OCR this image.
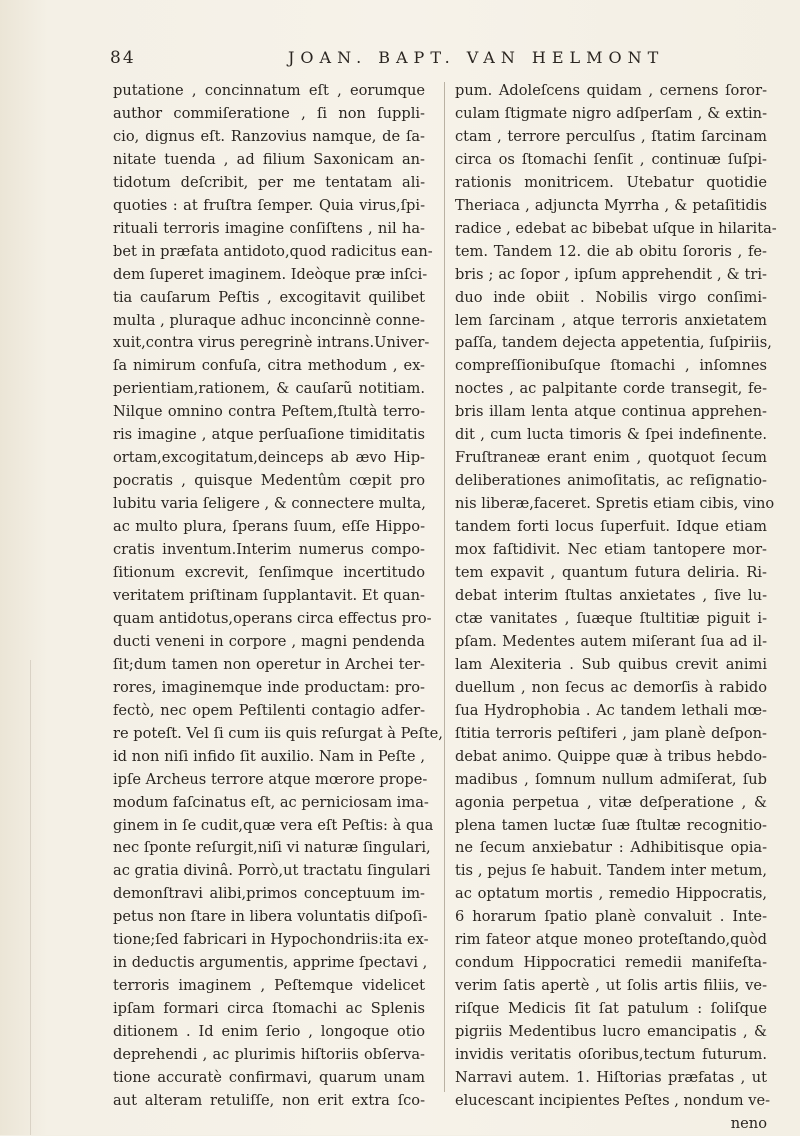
84	JOAN. BAPT. VAN HELMONT
putatione , concinnatum eſt , eorumque
author commiſeratione , ſi non ſuppli-
cio, dignus eſt. Ranzovius namque, de ſa-
nitate tuenda , ad filium Saxonicam an-
tidotum deſcribit, per me tentatam ali-
quoties : at fruſtra ſemper. Quia virus,ſpi-
rituali terroris imagine conſiſtens , nil ha-
bet in præfata antidoto,quod radicitus ean-
dem ſuperet imaginem. Ideòque præ inſci-
tia cauſarum Peſtis , excogitavit quilibet
multa , pluraque adhuc inconcinnè conne-
xuit,contra virus peregrinè intrans.Univer-
ſa nimirum confuſa, citra methodum , ex-
perientiam,rationem, & cauſarũ notitiam.
Nilque omnino contra Peſtem,ſtultà terro-
ris imagine , atque perſuaſione timiditatis
ortam,excogitatum,deinceps ab ævo Hip-
pocratis , quisque Medentûm cœpit pro
lubitu varia ſeligere , & connectere multa,
ac multo plura, ſperans ſuum, eſſe Hippo-
cratis inventum.Interim numerus compo-
ſitionum excrevit, ſenſimque incertitudo
veritatem priſtinam ſupplantavit. Et quan-
quam antidotus,operans circa effectus pro-
ducti veneni in corpore , magni pendenda
ſit;dum tamen non operetur in Archei ter-
rores, imaginemque inde productam: pro-
fectò, nec opem Peſtilenti contagio adfer-
re poteſt. Vel ſi cum iis quis reſurgat à Peſte,
id non niſi infido ſit auxilio. Nam in Peſte ,
ipſe Archeus terrore atque mœrore prope-
modum faſcinatus eſt, ac perniciosam ima-
ginem in ſe cudit,quæ vera eſt Peſtis: à qua
nec ſponte reſurgit,niſi vi naturæ ſingulari,
ac gratia divinâ. Porrò,ut tractatu ſingulari
demonſtravi alibi,primos conceptuum im-
petus non ſtare in libera voluntatis diſpoſi-
tione;ſed fabricari in Hypochondriis:ita ex-
in deductis argumentis, apprime ſpectavi ,
terroris imaginem , Peſtemque videlicet
ipſam formari circa ſtomachi ac Splenis
ditionem . Id enim ſerio , longoque otio
deprehendi , ac plurimis hiſtoriis obſerva-
tione accuratè confirmavi, quarum unam
aut alteram retuliſſe, non erit extra ſco-
pum. Adoleſcens quidam , cernens ſoror-
culam ſtigmate nigro adſperſam , & extin-
ctam , terrore perculſus , ſtatim ſarcinam
circa os ſtomachi ſenſit , continuæ ſuſpi-
rationis monitricem. Utebatur quotidie
Theriaca , adjuncta Myrrha , & petaſitidis
radice , edebat ac bibebat uſque in hilarita-
tem. Tandem 12. die ab obitu ſororis , fe-
bris ; ac ſopor , ipſum apprehendit , & tri-
duo inde obiit . Nobilis virgo conſimi-
lem ſarcinam , atque terroris anxietatem
paſſa, tandem dejecta appetentia, ſuſpiriis,
compreſſionibuſque ſtomachi , inſomnes
noctes , ac palpitante corde transegit, fe-
bris illam lenta atque continua apprehen-
dit , cum lucta timoris & ſpei indefinente.
Fruſtraneæ erant enim , quotquot ſecum
deliberationes animoſitatis, ac reſignatio-
nis liberæ,faceret. Spretis etiam cibis, vino
tandem forti locus ſuperfuit. Idque etiam
mox faſtidivit. Nec etiam tantopere mor-
tem expavit , quantum futura deliria. Ri-
debat interim ſtultas anxietates , ſive lu-
ctæ vanitates , ſuæque ſtultitiæ piguit i-
pſam. Medentes autem miſerant ſua ad il-
lam Alexiteria . Sub quibus crevit animi
duellum , non ſecus ac demorſis à rabido
ſua Hydrophobia . Ac tandem lethali mœ-
ſtitia terroris peſtiferi , jam planè deſpon-
debat animo. Quippe quæ à tribus hebdo-
madibus , ſomnum nullum admiſerat, ſub
agonia perpetua , vitæ deſperatione , &
plena tamen luctæ ſuæ ſtultæ recognitio-
ne ſecum anxiebatur : Adhibitisque opia-
tis , pejus ſe habuit. Tandem inter metum,
ac optatum mortis , remedio Hippocratis,
6 horarum ſpatio planè convaluit . Inte-
rim fateor atque moneo proteſtando,quòd
condum Hippocratici remedii manifeſta-
verim ſatis apertè , ut ſolis artis filiis, ve-
riſque Medicis ſit ſat patulum : ſoliſque
pigriis Medentibus lucro emancipatis , &
invidis veritatis oſoribus,tectum futurum.
Narravi autem. 1. Hiſtorias præfatas , ut
elucescant incipientes Peſtes , nondum ve-
neno
